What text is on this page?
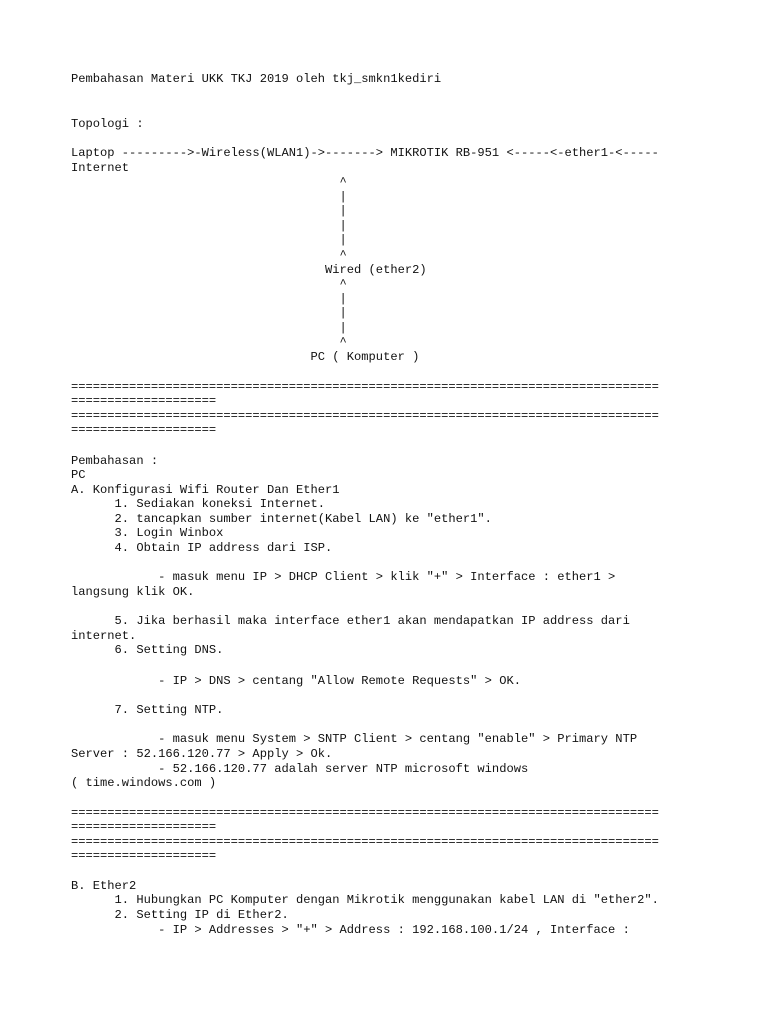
Pembahasan Materi UKK TKJ 2019 oleh tkj_smkn1kediri

Topologi :

Laptop --------->-Wireless(WLAN1)->-------> MIKROTIK RB-951 <-----<-ether1-<-----

Internet

^

|

|

|

|

^

Wired (ether2)

^

|

|

|

^

PC ( Komputer )

=================================================================================

====================

=================================================================================

====================

Pembahasan :

PC

A. Konfigurasi Wifi Router Dan Ether1

1. Sediakan koneksi Internet.

2. tancapkan sumber internet(Kabel LAN) ke "ether1".

3. Login Winbox

4. Obtain IP address dari ISP.

- masuk menu IP > DHCP Client > klik "+" > Interface : ether1 >

langsung klik OK.

5. Jika berhasil maka interface ether1 akan mendapatkan IP address dari

internet.

6. Setting DNS.

- IP > DNS > centang "Allow Remote Requests" > OK.

7. Setting NTP.

- masuk menu System > SNTP Client > centang "enable" > Primary NTP

Server : 52.166.120.77 > Apply > Ok.

- 52.166.120.77 adalah server NTP microsoft windows

( time.windows.com )

=================================================================================

====================

=================================================================================

====================

B. Ether2

1. Hubungkan PC Komputer dengan Mikrotik menggunakan kabel LAN di "ether2".

2. Setting IP di Ether2.

- IP > Addresses > "+" > Address : 192.168.100.1/24 , Interface :
